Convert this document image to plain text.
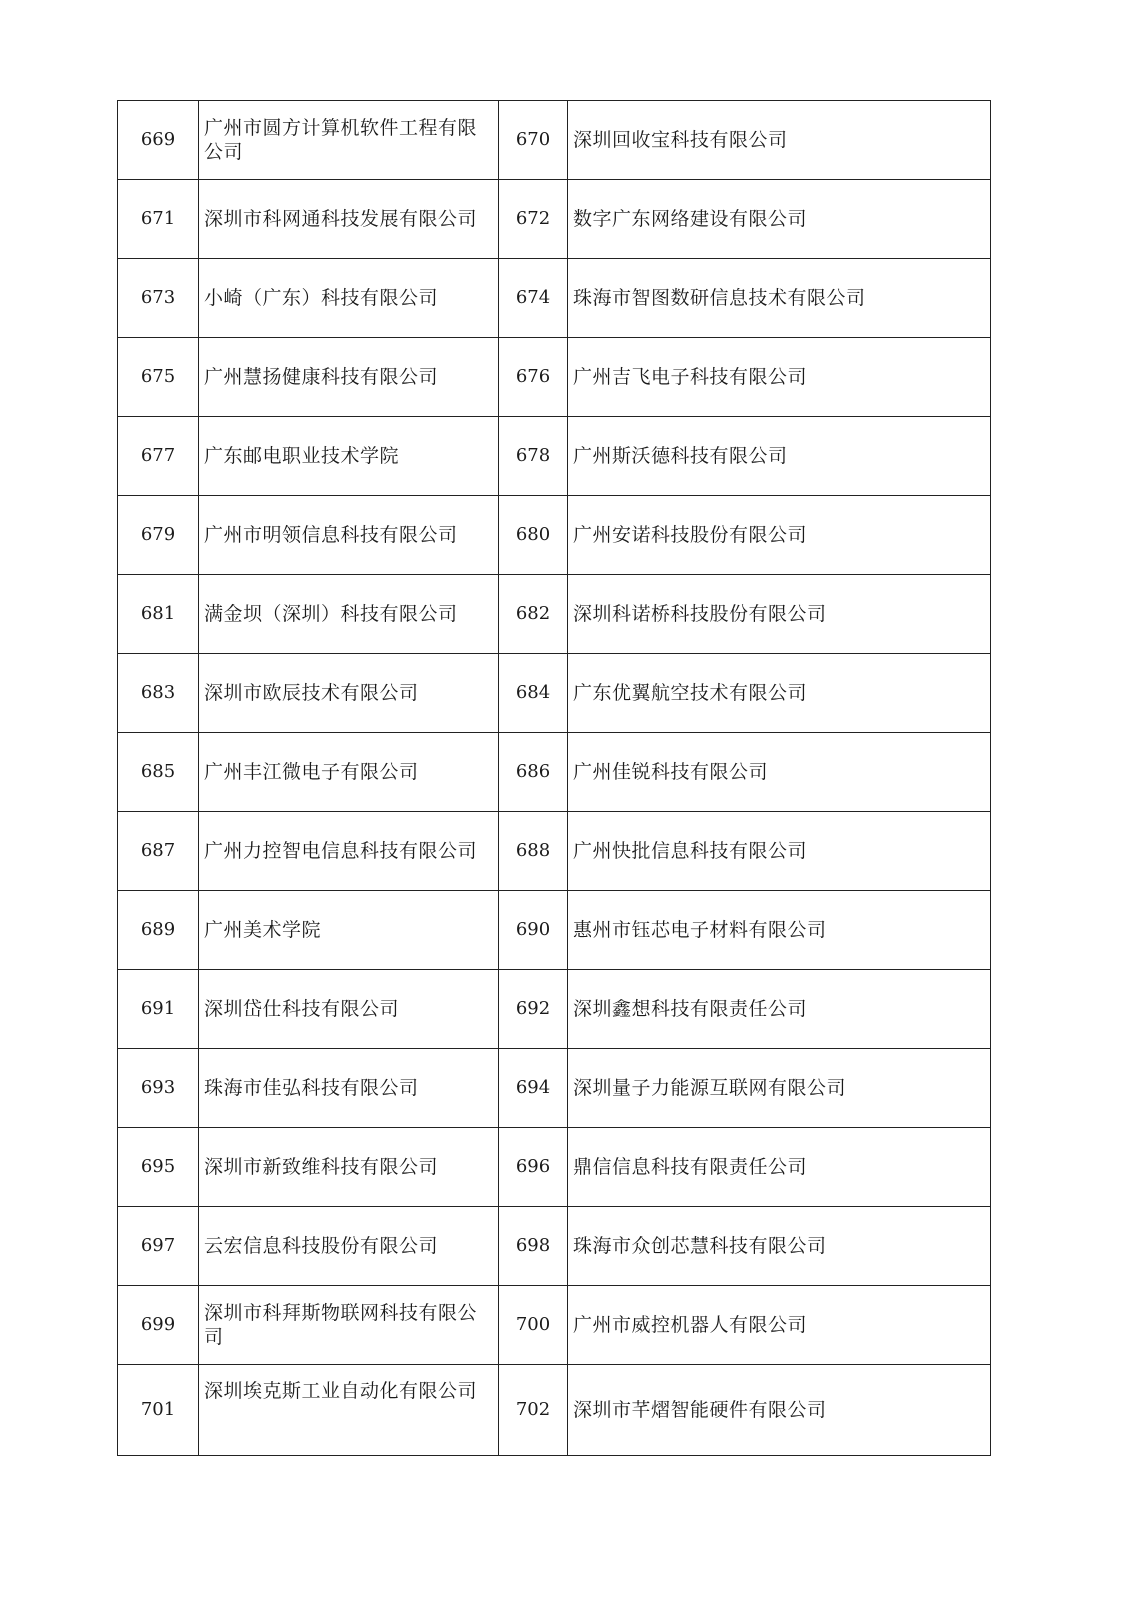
669	广州市圆方计算机软件工程有限公司	670	深圳回收宝科技有限公司
671	深圳市科网通科技发展有限公司	672	数字广东网络建设有限公司
673	小崎（广东）科技有限公司	674	珠海市智图数研信息技术有限公司
675	广州慧扬健康科技有限公司	676	广州吉飞电子科技有限公司
677	广东邮电职业技术学院	678	广州斯沃德科技有限公司
679	广州市明领信息科技有限公司	680	广州安诺科技股份有限公司
681	满金坝（深圳）科技有限公司	682	深圳科诺桥科技股份有限公司
683	深圳市欧辰技术有限公司	684	广东优翼航空技术有限公司
685	广州丰江微电子有限公司	686	广州佳锐科技有限公司
687	广州力控智电信息科技有限公司	688	广州快批信息科技有限公司
689	广州美术学院	690	惠州市钰芯电子材料有限公司
691	深圳岱仕科技有限公司	692	深圳鑫想科技有限责任公司
693	珠海市佳弘科技有限公司	694	深圳量子力能源互联网有限公司
695	深圳市新致维科技有限公司	696	鼎信信息科技有限责任公司
697	云宏信息科技股份有限公司	698	珠海市众创芯慧科技有限公司
699	深圳市科拜斯物联网科技有限公司	700	广州市威控机器人有限公司
701	深圳埃克斯工业自动化有限公司	702	深圳市芊熠智能硬件有限公司
